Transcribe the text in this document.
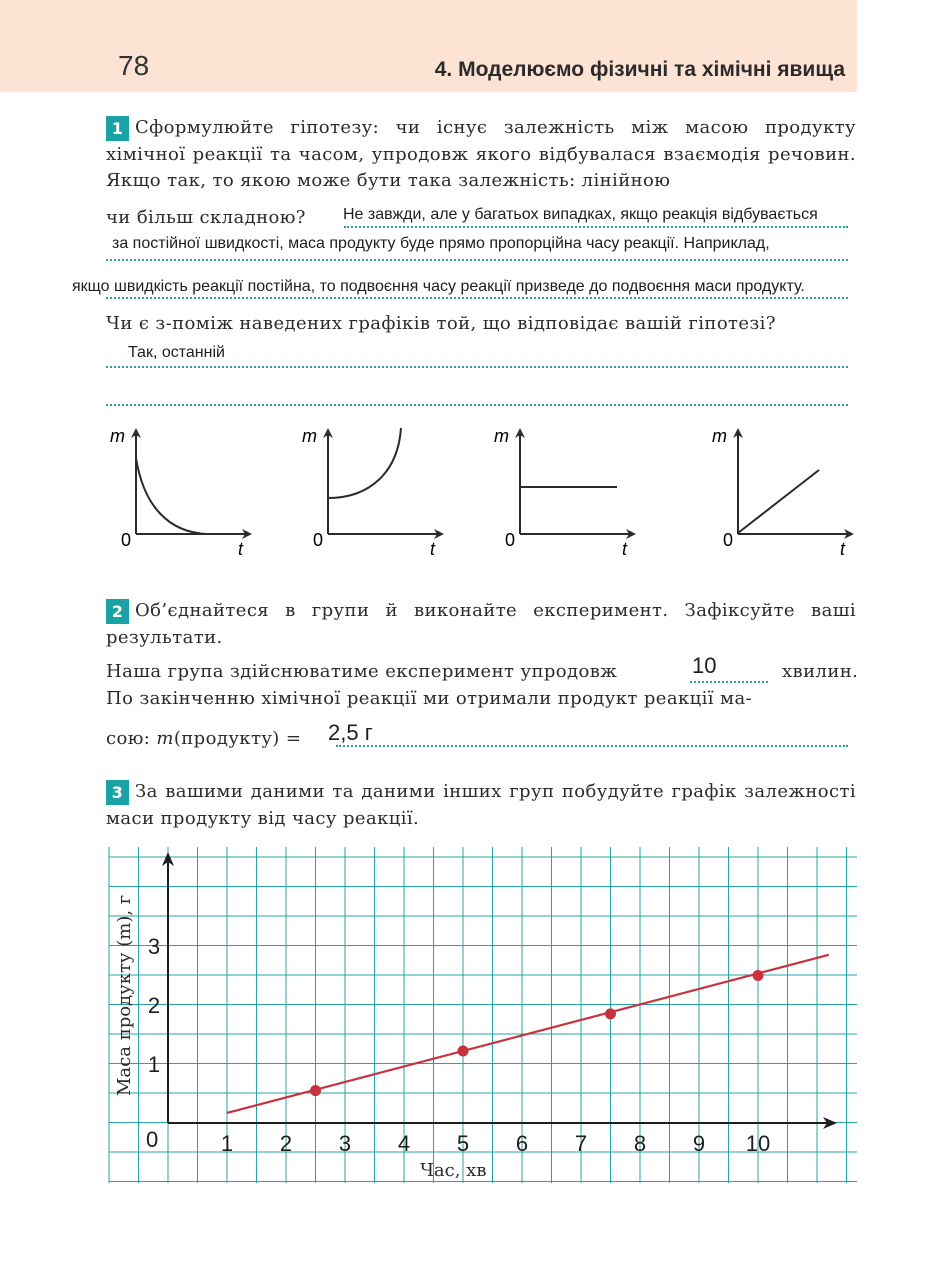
78	4. Моделюємо фізичні та хімічні явища
1 Сформулюйте гіпотезу: чи існує залежність між масою продукту хімічної реакції та часом, упродовж якого відбувалася взаємодія речовин. Якщо так, то якою може бути така залежність: лінійною
чи більш складною? Не завжди, але у багатьох випадках, якщо реакція відбувається
за постійної швидкості, маса продукту буде прямо пропорційна часу реакції. Наприклад,
якщо швидкість реакції постійна, то подвоєння часу реакції призведе до подвоєння маси продукту.
Чи є з-поміж наведених графіків той, що відповідає вашій гіпотезі?
Так, останній
m
t
0
m
t
0
m
t
0
m
t
0
2 Об’єднайтеся в групи й виконайте експеримент. Зафіксуйте ваші результати.
Наша група здійснюватиме експеримент упродовж	10	хвилин.
По закінченню хімічної реакції ми отримали продукт реакції ма-
сою: m(продукту) = 2,5 г
3 За вашими даними та даними інших груп побудуйте графік залежності маси продукту від часу реакції.
1 2 3 4 5 6 7 8 9 10
1
2
3
0
Час, хв
Маса продукту (m), г
